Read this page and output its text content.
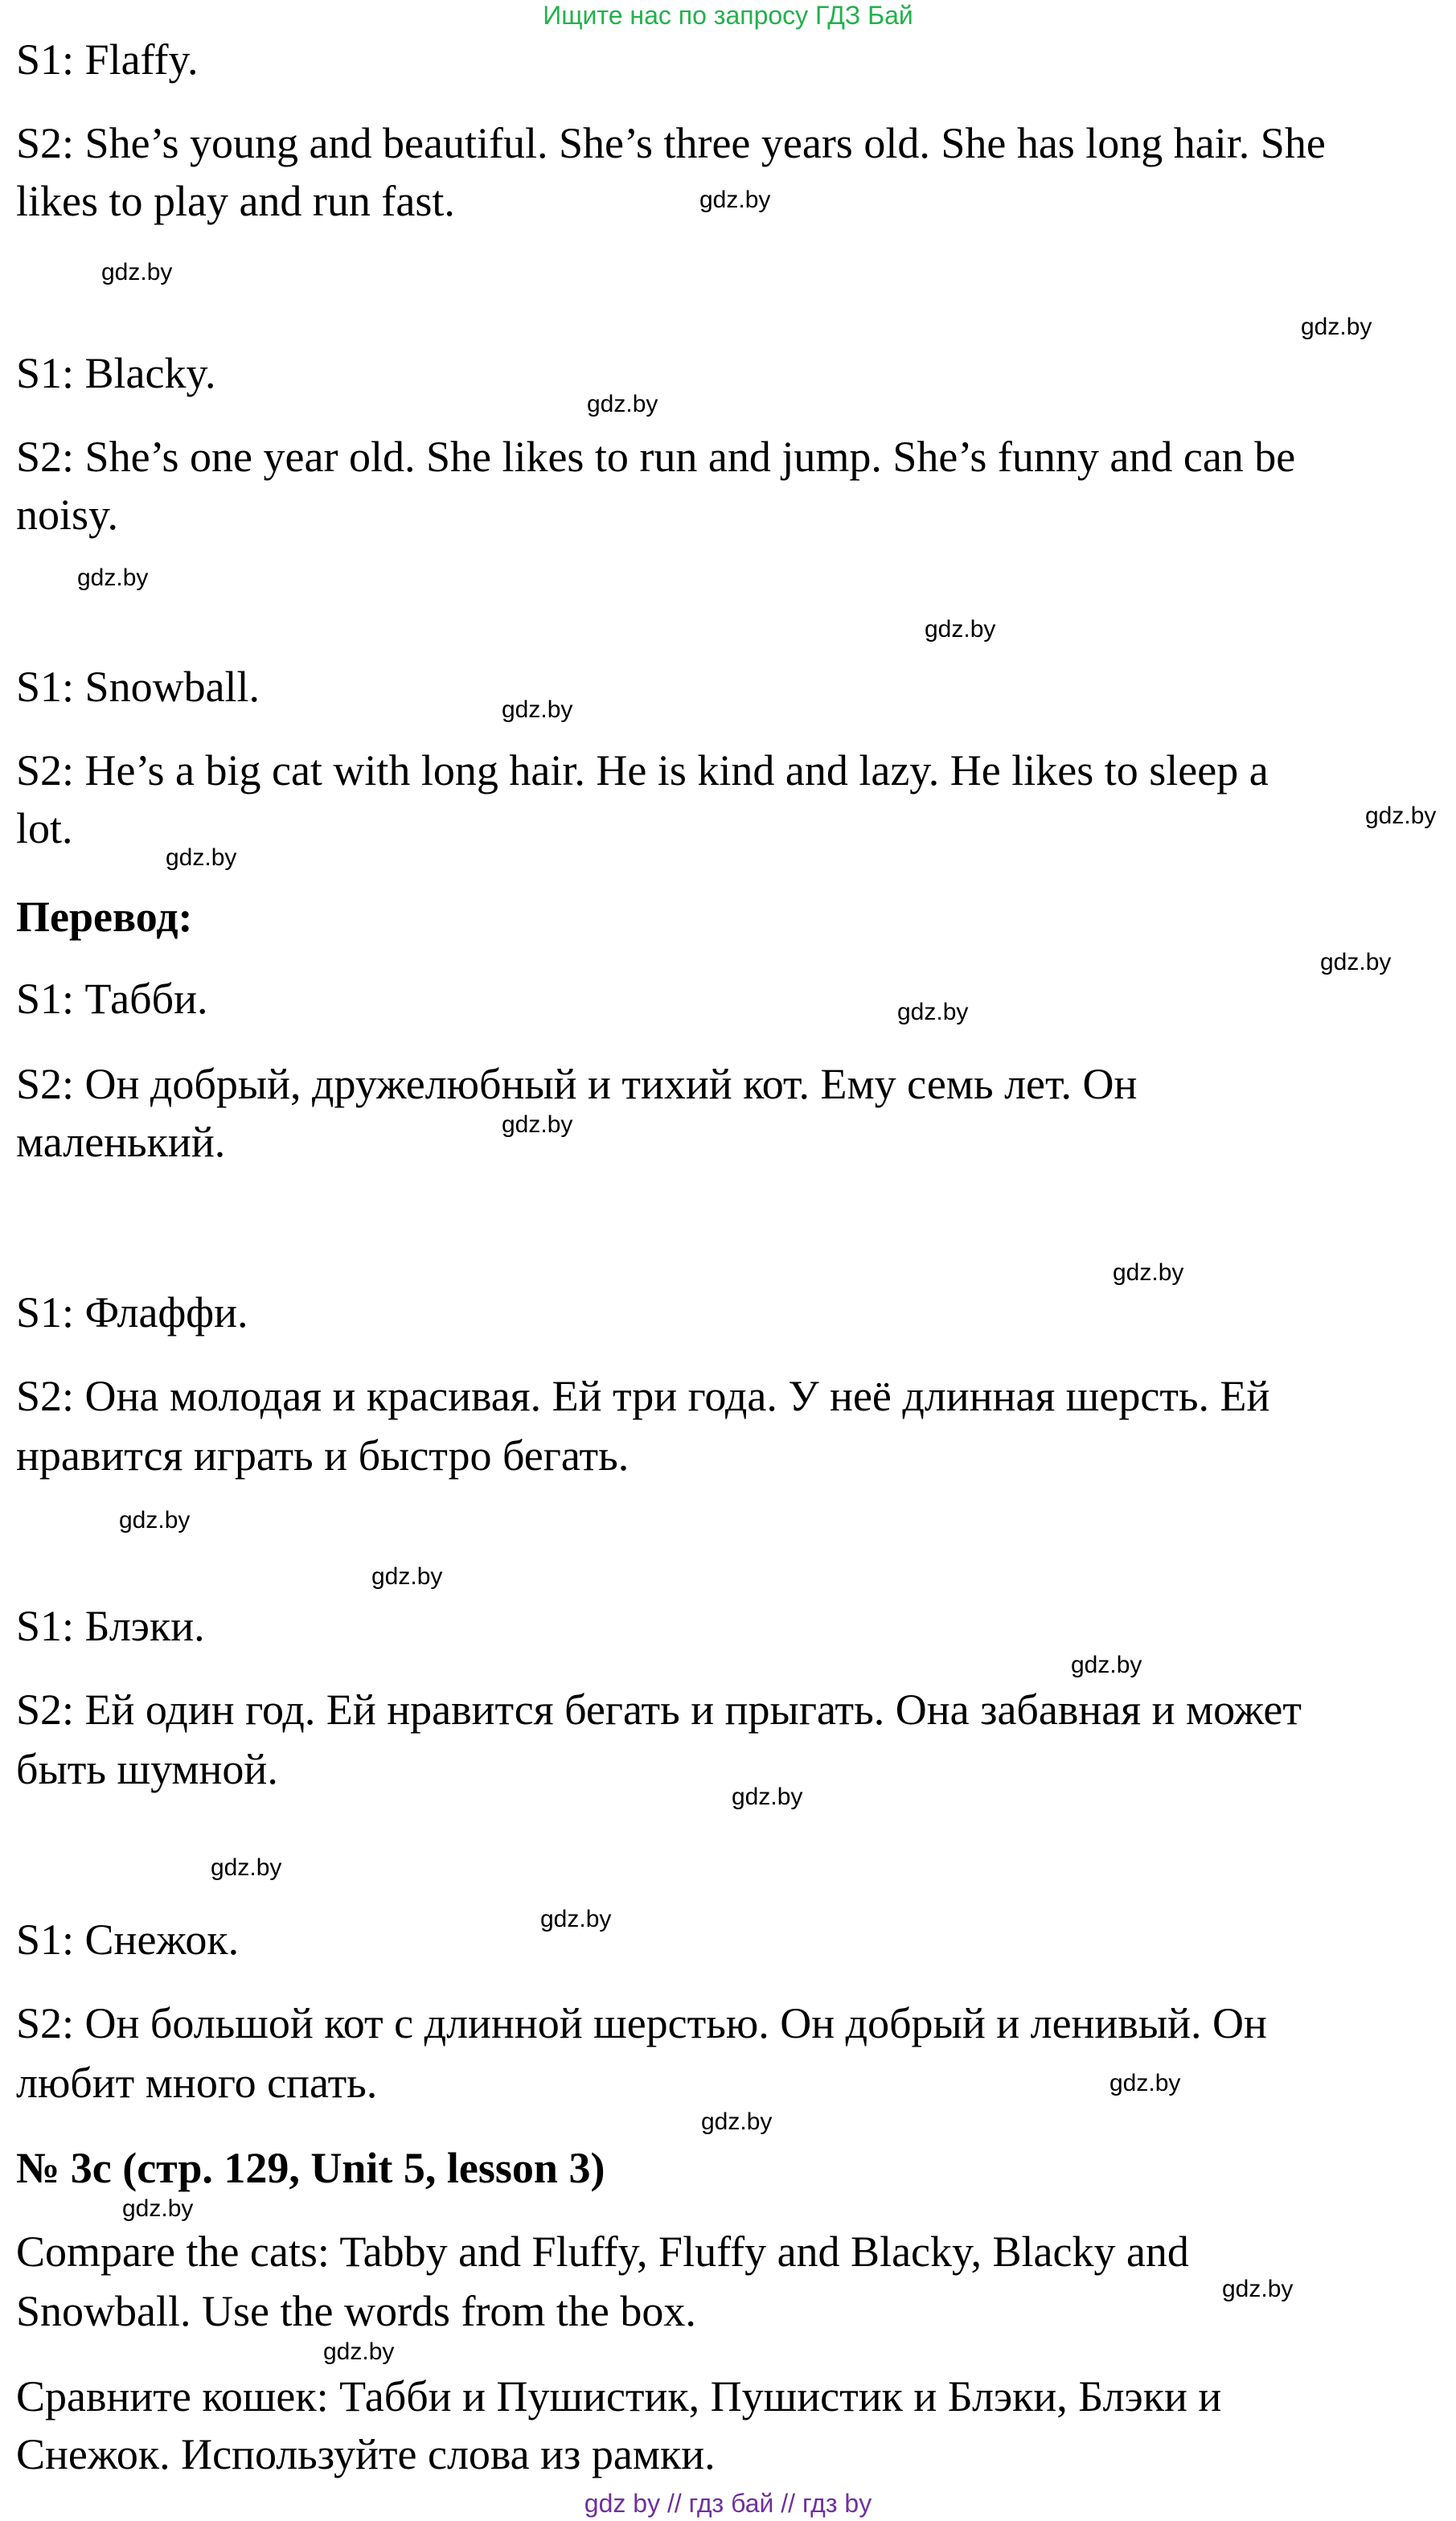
Ищите нас по запросу ГДЗ Бай
S1: Flaffy.
S2: She’s young and beautiful. She’s three years old. She has long hair. She
likes to play and run fast.
S1: Blacky.
S2: She’s one year old. She likes to run and jump. She’s funny and can be
noisy.
S1: Snowball.
S2: He’s a big cat with long hair. He is kind and lazy. He likes to sleep a
lot.
Перевод:
S1: Табби.
S2: Он добрый, дружелюбный и тихий кот. Ему семь лет. Он
маленький.
S1: Флаффи.
S2: Она молодая и красивая. Ей три года. У неё длинная шерсть. Ей
нравится играть и быстро бегать.
S1: Блэки.
S2: Ей один год. Ей нравится бегать и прыгать. Она забавная и может
быть шумной.
S1: Снежок.
S2: Он большой кот с длинной шерстью. Он добрый и ленивый. Он
любит много спать.
№ 3c (стр. 129, Unit 5, lesson 3)
Compare the cats: Tabby and Fluffy, Fluffy and Blacky, Blacky and
Snowball. Use the words from the box.
Сравните кошек: Табби и Пушистик, Пушистик и Блэки, Блэки и
Снежок. Используйте слова из рамки.
gdz.by
gdz.by
gdz.by
gdz.by
gdz.by
gdz.by
gdz.by
gdz.by
gdz.by
gdz.by
gdz.by
gdz.by
gdz.by
gdz.by
gdz.by
gdz.by
gdz.by
gdz.by
gdz.by
gdz.by
gdz.by
gdz.by
gdz.by
gdz.by
gdz by // гдз бай // гдз by
